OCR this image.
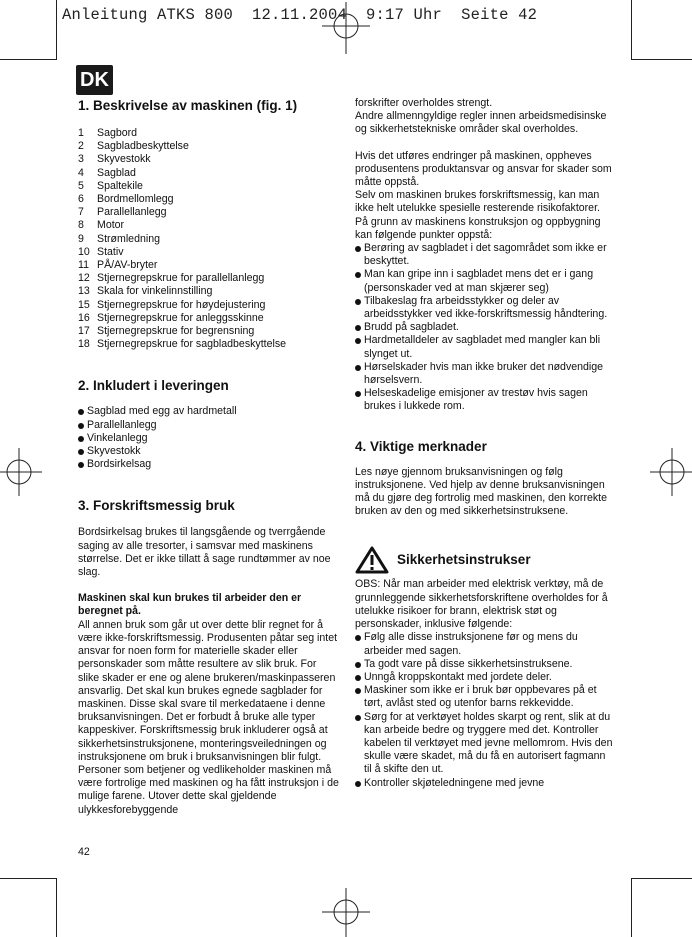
Anleitung ATKS 800  12.11.2004  9:17 Uhr  Seite 42
DK
1. Beskrivelse av maskinen (fig. 1)
1	Sagbord
2	Sagbladbeskyttelse
3	Skyvestokk
4	Sagblad
5	Spaltekile
6	Bordmellomlegg
7	Parallellanlegg
8	Motor
9	Strømledning
10 Stativ
11 PÅ/AV-bryter
12 Stjernegrepskrue for parallellanlegg
13 Skala for vinkelinnstilling
15 Stjernegrepskrue for høydejustering
16 Stjernegrepskrue for anleggsskinne
17 Stjernegrepskrue for begrensning
18 Stjernegrepskrue for sagbladbeskyttelse
2. Inkludert i leveringen
Sagblad med egg av hardmetall
Parallellanlegg
Vinkelanlegg
Skyvestokk
Bordsirkelsag
3. Forskriftsmessig bruk

Bordsirkelsag brukes til langsgående og tverrgående saging av alle tresorter, i samsvar med maskinens størrelse. Det er ikke tillatt å sage rundtømmer av noe slag.

Maskinen skal kun brukes til arbeider den er beregnet på.

All annen bruk som går ut over dette blir regnet for å være ikke-forskriftsmessig. Produsenten påtar seg intet ansvar for noen form for materielle skader eller personskader som måtte resultere av slik bruk. For slike skader er ene og alene brukeren/maskinpasseren ansvarlig. Det skal kun brukes egnede sagblader for maskinen. Disse skal svare til merkedataene i denne bruksanvisningen. Det er forbudt å bruke alle typer kappeskiver. Forskriftsmessig bruk inkluderer også at sikkerhetsinstruksjonene, monteringsveiledningen og instruksjonene om bruk i bruksanvisningen blir fulgt. Personer som betjener og vedlikeholder maskinen må være fortrolige med maskinen og ha fått instruksjon i de mulige farene. Utover dette skal gjeldende ulykkesforebyggende

forskrifter overholdes strengt.

Andre allmenngyldige regler innen arbeidsmedisinske og sikkerhetstekniske områder skal overholdes.

Hvis det utføres endringer på maskinen, oppheves produsentens produktansvar og ansvar for skader som måtte oppstå.

Selv om maskinen brukes forskriftsmessig, kan man ikke helt utelukke spesielle resterende risikofaktorer. På grunn av maskinens konstruksjon og oppbygning kan følgende punkter oppstå:

Berøring av sagbladet i det sagområdet som ikke er beskyttet.
Man kan gripe inn i sagbladet mens det er i gang (personskader ved at man skjærer seg)
Tilbakeslag fra arbeidsstykker og deler av arbeidsstykker ved ikke-forskriftsmessig håndtering.
Brudd på sagbladet.
Hardmetalldeler av sagbladet med mangler kan bli slynget ut.
Hørselskader hvis man ikke bruker det nødvendige hørselsvern.
Helseskadelige emisjoner av trestøv hvis sagen brukes i lukkede rom.
4. Viktige merknader

Les nøye gjennom bruksanvisningen og følg instruksjonene. Ved hjelp av denne bruksanvisningen må du gjøre deg fortrolig med maskinen, den korrekte bruken av den og med sikkerhetsinstruksene.

Sikkerhetsinstrukser

OBS: Når man arbeider med elektrisk verktøy, må de grunnleggende sikkerhetsforskriftene overholdes for å utelukke risikoer for brann, elektrisk støt og personskader, inklusive følgende:

Følg alle disse instruksjonene før og mens du arbeider med sagen.
Ta godt vare på disse sikkerhetsinstruksene.
Unngå kroppskontakt med jordete deler.
Maskiner som ikke er i bruk bør oppbevares på et tørt, avlåst sted og utenfor barns rekkevidde.
Sørg for at verktøyet holdes skarpt og rent, slik at du kan arbeide bedre og tryggere med det. Kontroller kabelen til verktøyet med jevne mellomrom. Hvis den skulle være skadet, må du få en autorisert fagmann til å skifte den ut.
Kontroller skjøteledningene med jevne
42
